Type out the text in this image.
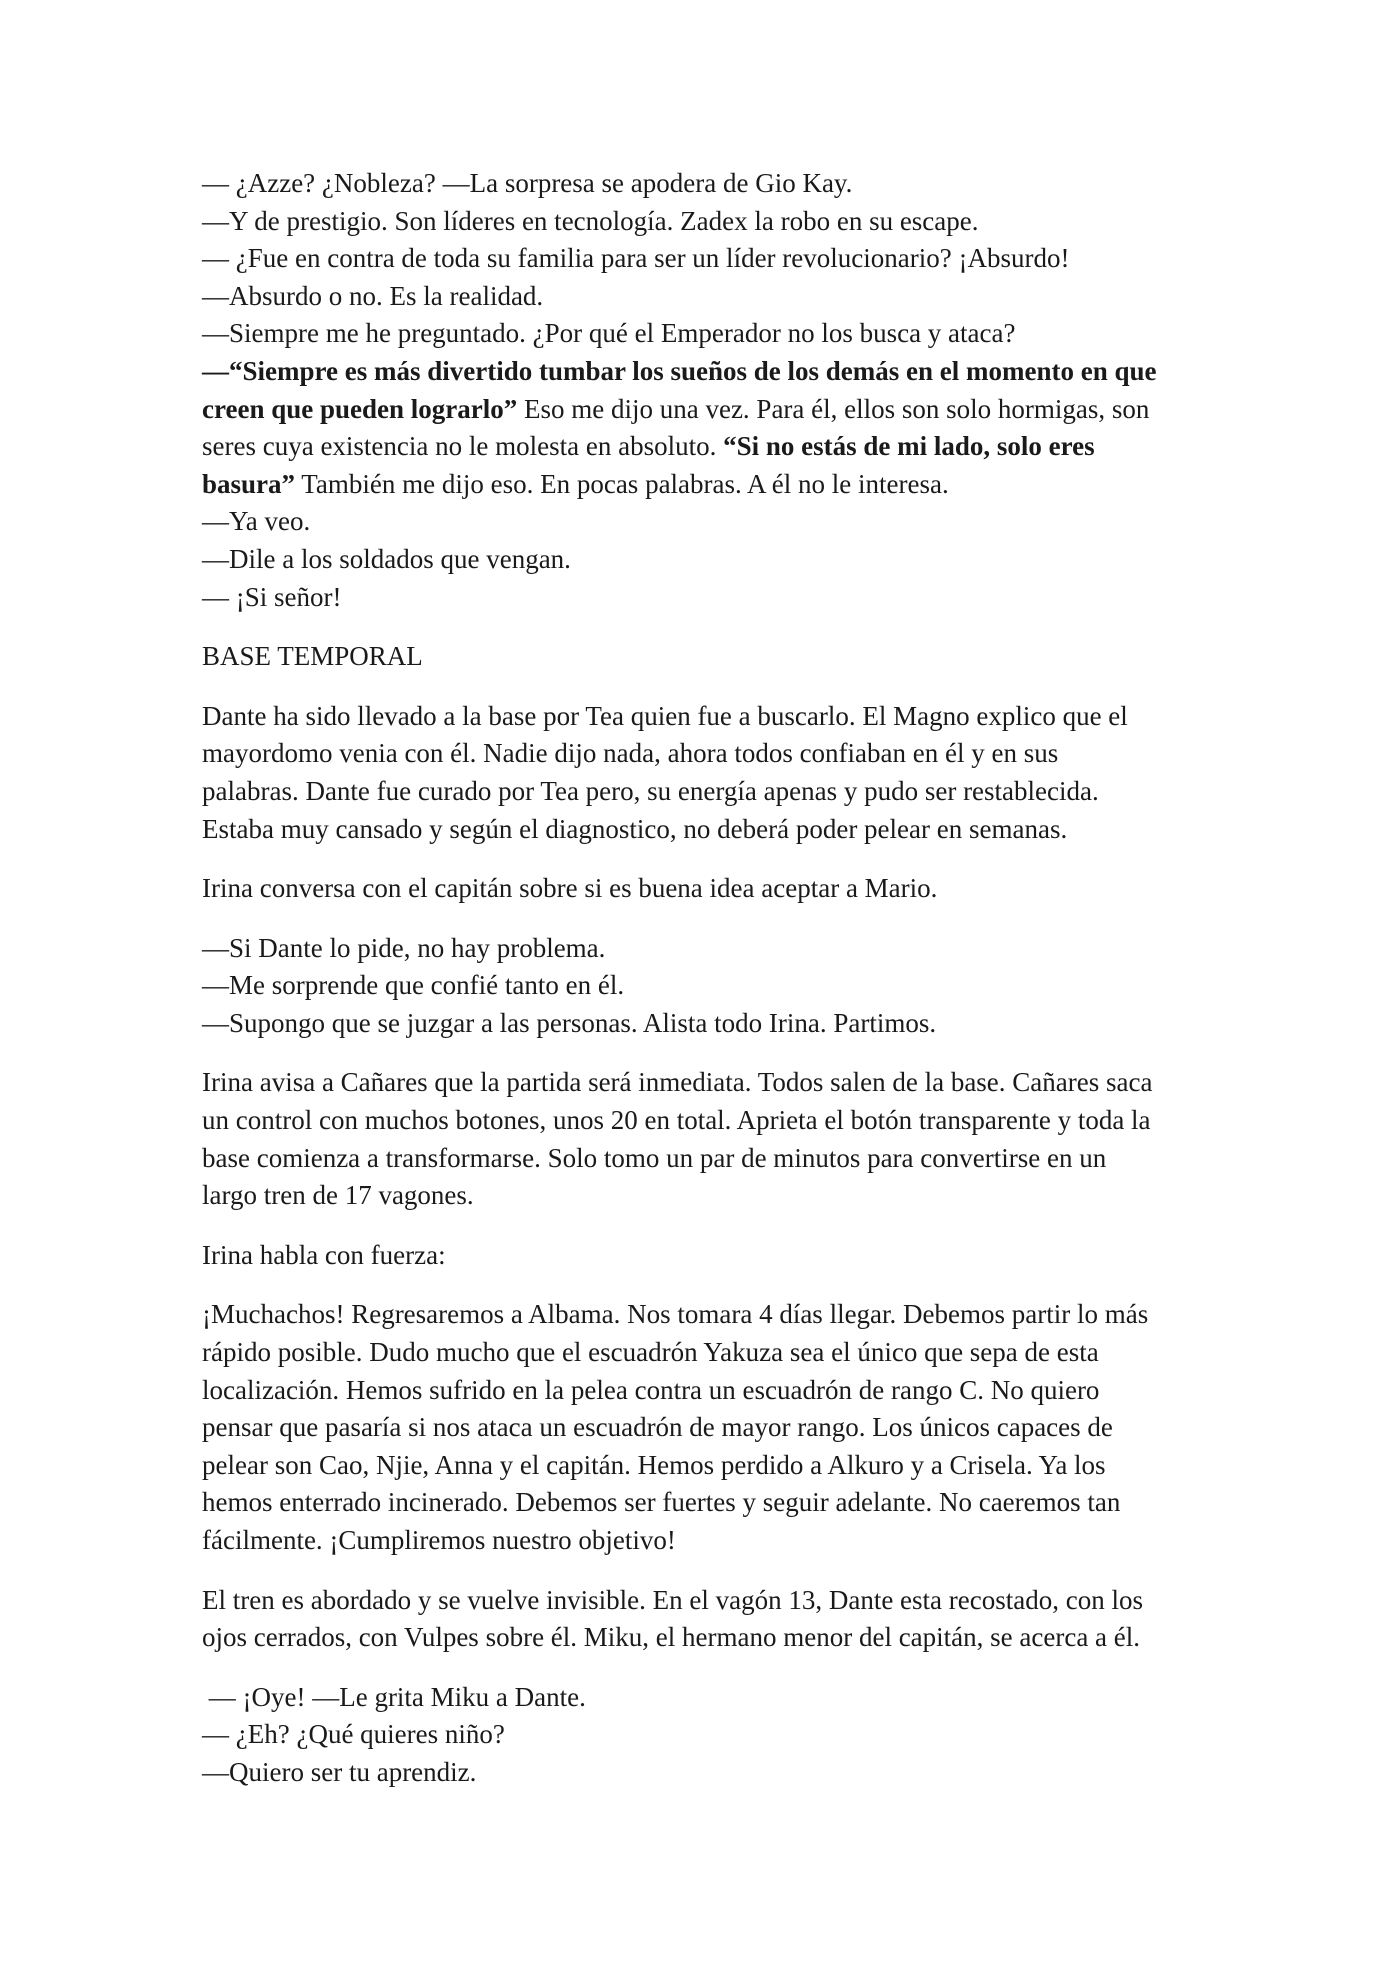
— ¿Azze? ¿Nobleza? —La sorpresa se apodera de Gio Kay.
—Y de prestigio. Son líderes en tecnología. Zadex la robo en su escape.
— ¿Fue en contra de toda su familia para ser un líder revolucionario? ¡Absurdo!
—Absurdo o no. Es la realidad.
—Siempre me he preguntado. ¿Por qué el Emperador no los busca y ataca?
—“Siempre es más divertido tumbar los sueños de los demás en el momento en que
creen que pueden lograrlo” Eso me dijo una vez. Para él, ellos son solo hormigas, son
seres cuya existencia no le molesta en absoluto. “Si no estás de mi lado, solo eres
basura” También me dijo eso. En pocas palabras. A él no le interesa.
—Ya veo.
—Dile a los soldados que vengan.
— ¡Si señor!
BASE TEMPORAL
Dante ha sido llevado a la base por Tea quien fue a buscarlo. El Magno explico que el
mayordomo venia con él. Nadie dijo nada, ahora todos confiaban en él y en sus
palabras. Dante fue curado por Tea pero, su energía apenas y pudo ser restablecida.
Estaba muy cansado y según el diagnostico, no deberá poder pelear en semanas.
Irina conversa con el capitán sobre si es buena idea aceptar a Mario.
—Si Dante lo pide, no hay problema.
—Me sorprende que confié tanto en él.
—Supongo que se juzgar a las personas. Alista todo Irina. Partimos.
Irina avisa a Cañares que la partida será inmediata. Todos salen de la base. Cañares saca
un control con muchos botones, unos 20 en total. Aprieta el botón transparente y toda la
base comienza a transformarse. Solo tomo un par de minutos para convertirse en un
largo tren de 17 vagones.
Irina habla con fuerza:
¡Muchachos! Regresaremos a Albama. Nos tomara 4 días llegar. Debemos partir lo más
rápido posible. Dudo mucho que el escuadrón Yakuza sea el único que sepa de esta
localización. Hemos sufrido en la pelea contra un escuadrón de rango C. No quiero
pensar que pasaría si nos ataca un escuadrón de mayor rango. Los únicos capaces de
pelear son Cao, Njie, Anna y el capitán. Hemos perdido a Alkuro y a Crisela. Ya los
hemos enterrado incinerado. Debemos ser fuertes y seguir adelante. No caeremos tan
fácilmente. ¡Cumpliremos nuestro objetivo!
El tren es abordado y se vuelve invisible. En el vagón 13, Dante esta recostado, con los
ojos cerrados, con Vulpes sobre él. Miku, el hermano menor del capitán, se acerca a él.
— ¡Oye! —Le grita Miku a Dante.
— ¿Eh? ¿Qué quieres niño?
—Quiero ser tu aprendiz.
